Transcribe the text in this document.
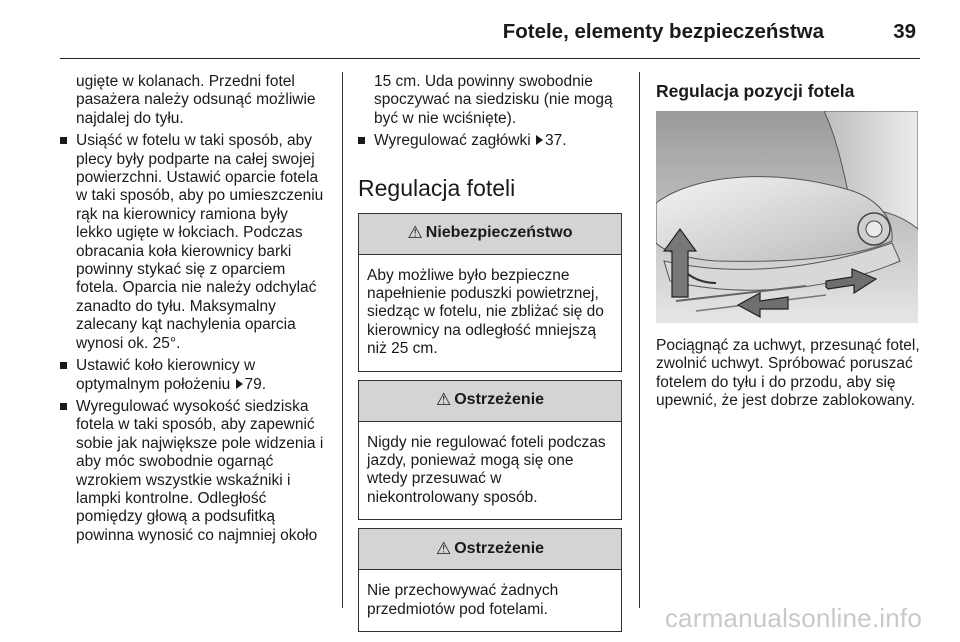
Fotele, elementy bezpieczeństwa	39

ugięte w kolanach. Przedni fotel pasażera należy odsunąć możliwie najdalej do tyłu.

Usiąść w fotelu w taki sposób, aby plecy były podparte na całej swojej powierzchni. Ustawić oparcie fotela w taki sposób, aby po umieszczeniu rąk na kierownicy ramiona były lekko ugięte w łokciach. Podczas obracania koła kierownicy barki powinny stykać się z oparciem fotela. Oparcia nie należy odchylać zanadto do tyłu. Maksymalny zalecany kąt nachylenia oparcia wynosi ok. 25°.
Ustawić koło kierownicy w optymalnym położeniu 79.
Wyregulować wysokość siedziska fotela w taki sposób, aby zapewnić sobie jak największe pole widzenia i aby móc swobodnie ogarnąć wzrokiem wszystkie wskaźniki i lampki kontrolne. Odległość pomiędzy głową a podsufitką powinna wynosić co najmniej około

15 cm. Uda powinny swobodnie spoczywać na siedzisku (nie mogą być w nie wciśnięte).

Wyregulować zagłówki 37.
Regulacja foteli
⚠ Niebezpieczeństwo
Aby możliwe było bezpieczne napełnienie poduszki powietrznej, siedząc w fotelu, nie zbliżać się do kierownicy na odległość mniejszą niż 25 cm.
⚠ Ostrzeżenie
Nigdy nie regulować foteli podczas jazdy, ponieważ mogą się one wtedy przesuwać w niekontrolowany sposób.
⚠ Ostrzeżenie
Nie przechowywać żadnych przedmiotów pod fotelami.
Regulacja pozycji fotela

Pociągnąć za uchwyt, przesunąć fotel, zwolnić uchwyt. Spróbować poruszać fotelem do tyłu i do przodu, aby się upewnić, że jest dobrze zablokowany.

carmanualsonline.info
